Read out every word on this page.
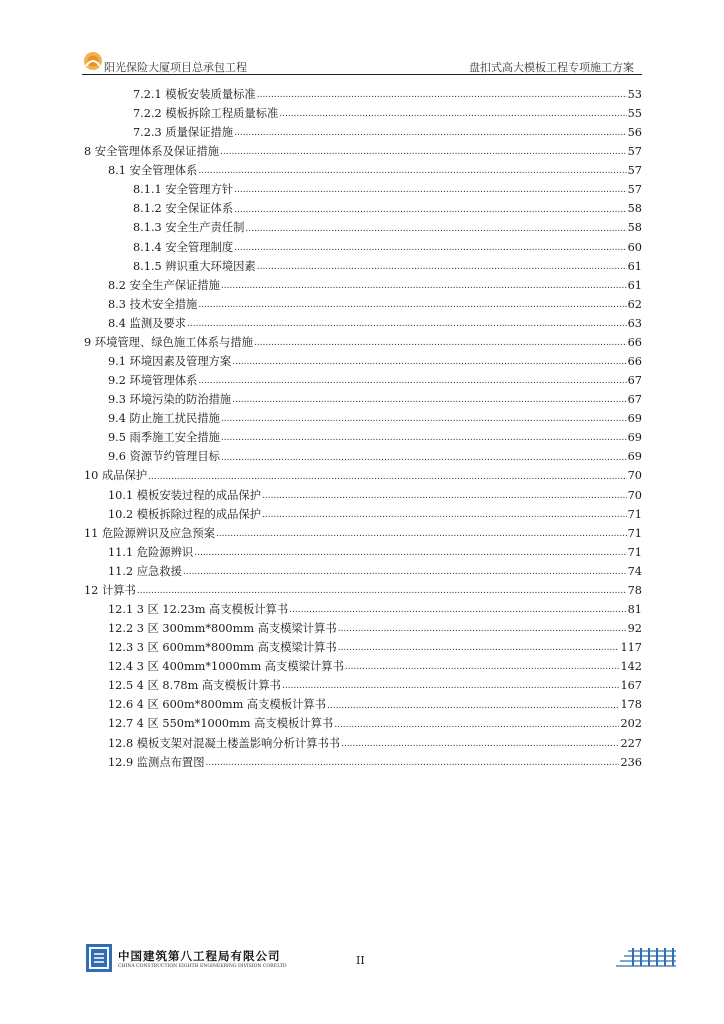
阳光保险大厦项目总承包工程	盘扣式高大模板工程专项施工方案
7.2.1 模板安装质量标准 .....	53
7.2.2 模板拆除工程质量标准 .....	55
7.2.3 质量保证措施 .....	56
8 安全管理体系及保证措施 .....	57
8.1 安全管理体系 .....	57
8.1.1 安全管理方针 .....	57
8.1.2 安全保证体系 .....	58
8.1.3 安全生产责任制 .....	58
8.1.4 安全管理制度 .....	60
8.1.5 辨识重大环境因素 .....	61
8.2 安全生产保证措施 .....	61
8.3 技术安全措施 .....	62
8.4 监测及要求 .....	63
9 环境管理、绿色施工体系与措施 .....	66
9.1 环境因素及管理方案 .....	66
9.2 环境管理体系 .....	67
9.3 环境污染的防治措施 .....	67
9.4 防止施工扰民措施 .....	69
9.5 雨季施工安全措施 .....	69
9.6 资源节约管理目标 .....	69
10 成品保护 .....	70
10.1 模板安装过程的成品保护 .....	70
10.2 模板拆除过程的成品保护 .....	71
11 危险源辨识及应急预案 .....	71
11.1 危险源辨识 .....	71
11.2 应急救援 .....	74
12 计算书 .....	78
12.1 3 区 12.23m 高支模板计算书 .....	81
12.2 3 区 300mm*800mm 高支模梁计算书 .....	92
12.3 3 区 600mm*800mm 高支模梁计算书 .....	117
12.4 3 区 400mm*1000mm 高支模梁计算书 .....	142
12.5 4 区 8.78m 高支模板计算书 .....	167
12.6 4 区 600m*800mm 高支模板计算书 .....	178
12.7 4 区 550m*1000mm 高支模板计算书 .....	202
12.8 模板支架对混凝土楼盖影响分析计算书书 .....	227
12.9 监测点布置图 .....	236
中国建筑第八工程局有限公司
CHINA CONSTRUCTION EIGHTH ENGINEERING DIVISION CORP.LTD	II
